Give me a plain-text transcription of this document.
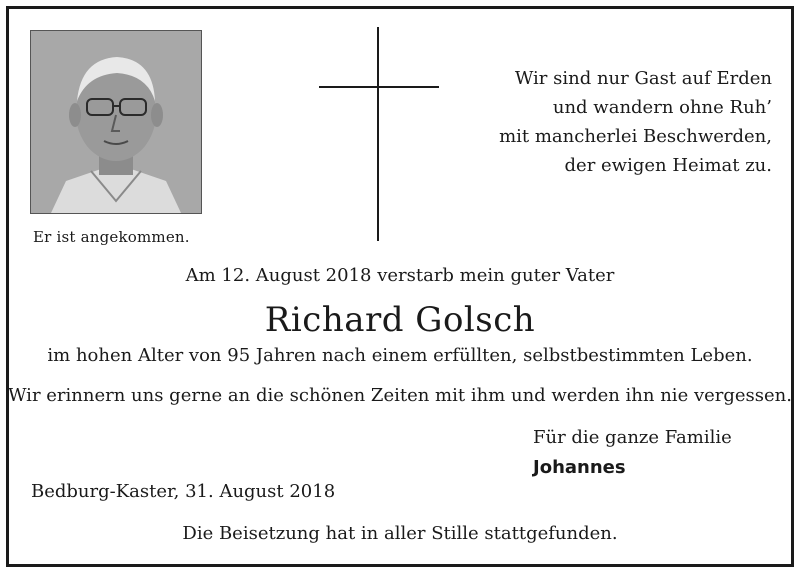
Er ist angekommen.
Wir sind nur Gast auf Erden
und wandern ohne Ruh’
mit mancherlei Beschwerden,
der ewigen Heimat zu.
Am 12. August 2018 verstarb mein guter Vater
Richard Golsch
im hohen Alter von 95 Jahren nach einem erfüllten, selbstbestimmten Leben.
Wir erinnern uns gerne an die schönen Zeiten mit ihm und werden ihn nie vergessen.
Für die ganze Familie
Johannes
Bedburg-Kaster, 31. August 2018
Die Beisetzung hat in aller Stille stattgefunden.
